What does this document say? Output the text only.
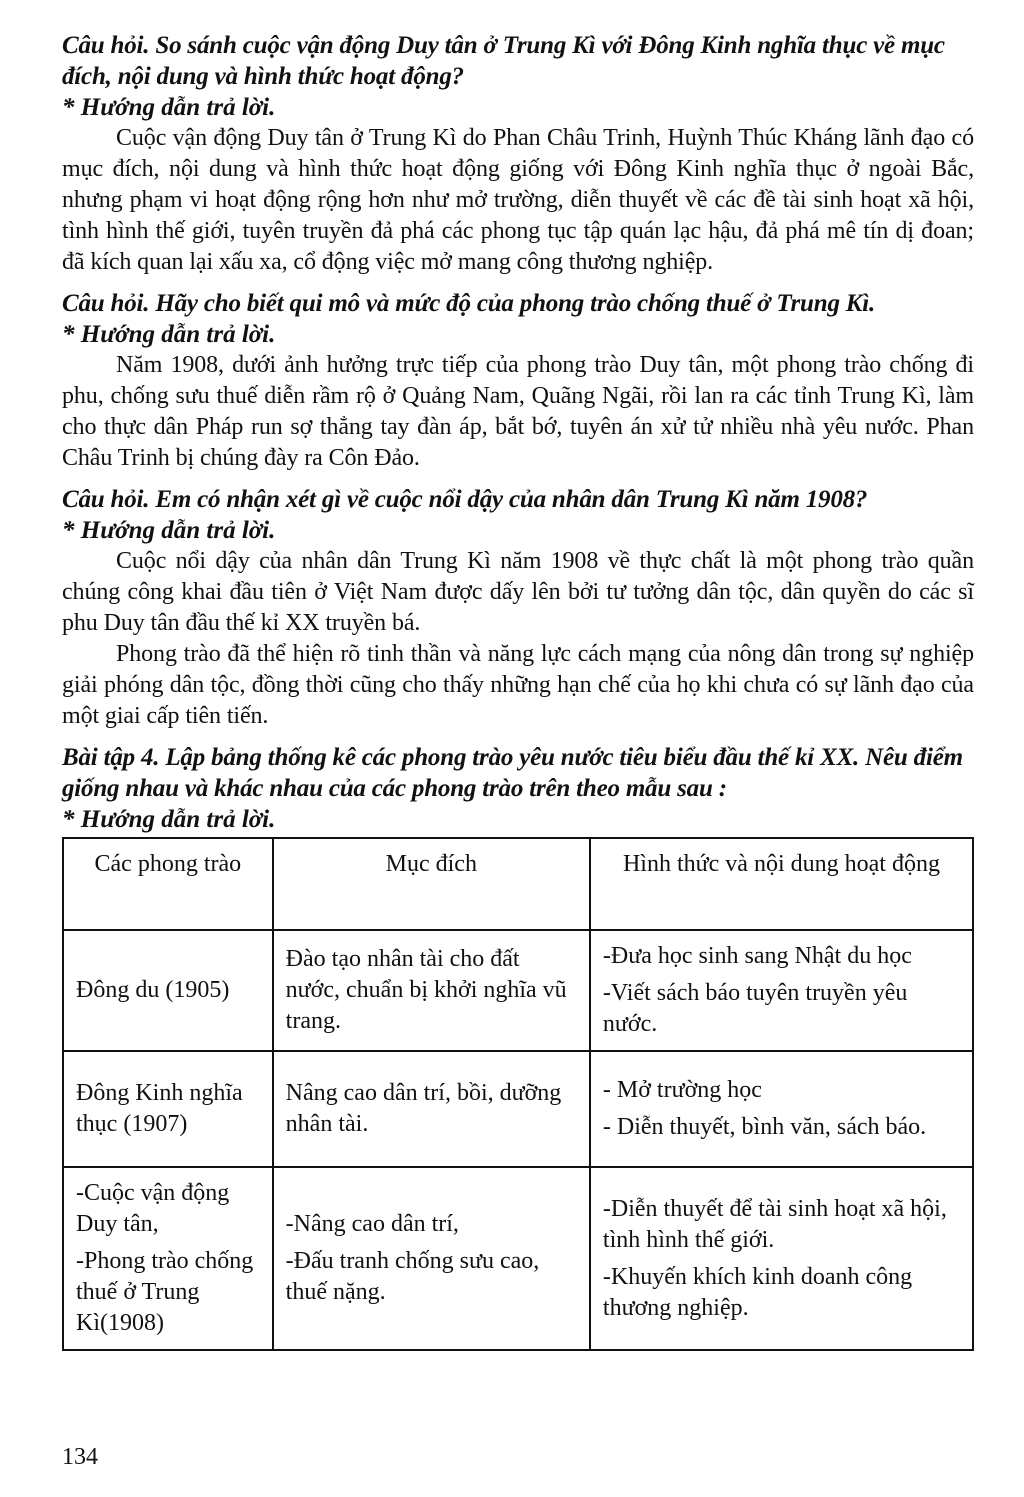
Câu hỏi. So sánh cuộc vận động Duy tân ở Trung Kì với Đông Kinh nghĩa thục về mục đích, nội dung và hình thức hoạt động?

* Hướng dẫn trả lời.

Cuộc vận động Duy tân ở Trung Kì do Phan Châu Trinh, Huỳnh Thúc Kháng lãnh đạo có mục đích, nội dung và hình thức hoạt động giống với Đông Kinh nghĩa thục ở ngoài Bắc, nhưng phạm vi hoạt động rộng hơn như mở trường, diễn thuyết về các đề tài sinh hoạt xã hội, tình hình thế giới, tuyên truyền đả phá các phong tục tập quán lạc hậu, đả phá mê tín dị đoan; đã kích quan lại xấu xa, cổ động việc mở mang công thương nghiệp.

Câu hỏi. Hãy cho biết qui mô và mức độ của phong trào chống thuế ở Trung Kì.

* Hướng dẫn trả lời.

Năm 1908, dưới ảnh hưởng trực tiếp của phong trào Duy tân, một phong trào chống đi phu, chống sưu thuế diễn rầm rộ ở Quảng Nam, Quãng Ngãi, rồi lan ra các tỉnh Trung Kì, làm cho thực dân Pháp run sợ thẳng tay đàn áp, bắt bớ, tuyên án xử tử nhiều nhà yêu nước. Phan Châu Trinh bị chúng đày ra Côn Đảo.

Câu hỏi. Em có nhận xét gì về cuộc nổi dậy của nhân dân Trung Kì năm 1908?

* Hướng dẫn trả lời.

Cuộc nổi dậy của nhân dân Trung Kì năm 1908 về thực chất là một phong trào quần chúng công khai đầu tiên ở Việt Nam được dấy lên bởi tư tưởng dân tộc, dân quyền do các sĩ phu Duy tân đầu thế kỉ XX truyền bá.

Phong trào đã thể hiện rõ tinh thần và năng lực cách mạng của nông dân trong sự nghiệp giải phóng dân tộc, đồng thời cũng cho thấy những hạn chế của họ khi chưa có sự lãnh đạo của một giai cấp tiên tiến.

Bài tập 4. Lập bảng thống kê các phong trào yêu nước tiêu biểu đầu thế kỉ XX. Nêu điểm giống nhau và khác nhau của các phong trào trên theo mẫu sau :

* Hướng dẫn trả lời.

Các phong trào	Mục đích	Hình thức và nội dung hoạt động

Đông du (1905)	Đào tạo nhân tài cho đất nước, chuẩn bị khởi nghĩa vũ trang.	-Đưa học sinh sang Nhật du học
-Viết sách báo tuyên truyền yêu nước.

Đông Kinh nghĩa thục (1907)	Nâng cao dân trí, bồi, dưỡng nhân tài.	- Mở trường học
- Diễn thuyết, bình văn, sách báo.

-Cuộc vận động Duy tân,
-Phong trào chống thuế ở Trung Kì(1908)	-Nâng cao dân trí,
-Đấu tranh chống sưu cao, thuế nặng.	-Diễn thuyết để tài sinh hoạt xã hội, tình hình thế giới.
-Khuyến khích kinh doanh công thương nghiệp.
134
